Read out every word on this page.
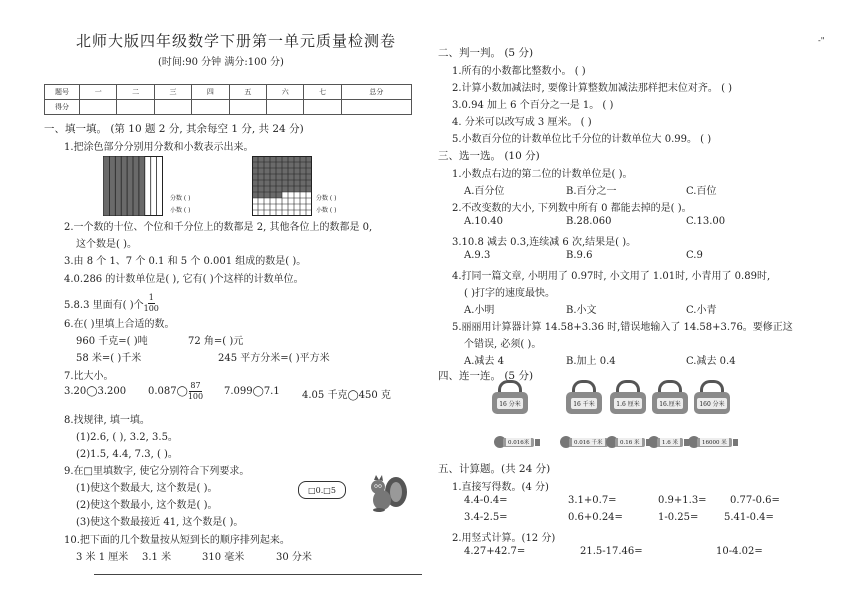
北师大版四年级数学下册第一单元质量检测卷
(时间:90 分钟 满分:100 分)
题号	一	二	三	四	五	六	七	总分
得分								
一、填一填。 (第 10 题 2 分, 其余每空 1 分, 共 24 分)
1.把涂色部分分别用分数和小数表示出来。
分数 ( )
小数 ( )
分数 ( )
小数 ( )
2.一个数的十位、个位和千分位上的数都是 2, 其他各位上的数都是 0,
这个数是( )。
3.由 8 个 1、7 个 0.1 和 5 个 0.001 组成的数是( )。
4.0.286 的计数单位是( ), 它有( )个这样的计数单位。
5.8.3 里面有( )个 $\frac{1}{100}$
6.在( )里填上合适的数。
960 千克=( )吨	72 角=( )元
58 米=( )千米	245 平方分米=( )平方米
7.比大小。
3.20◯3.200 0.087◯ $\frac{87}{100}$ 7.099◯7.1 4.05 千克◯450 克
8.找规律, 填一填。
(1)2.6, ( ), 3.2, 3.5。
(2)1.5, 4.4, 7.3, ( )。
9.在□里填数字, 使它分别符合下列要求。
(1)使这个数最大, 这个数是( )。
(2)使这个数最小, 这个数是( )。
(3)使这个数最接近 41, 这个数是( )。
□0.□5
10.把下面的几个数量按从短到长的顺序排列起来。
3 米 1 厘米 3.1 米	310 毫米	30 分米
-"
二、判一判。 (5 分)
1.所有的小数都比整数小。 ( )
2.计算小数加减法时, 要像计算整数加减法那样把末位对齐。 ( )
3.0.94 加上 6 个百分之一是 1。 ( )
4. 分米可以改写成 3 厘米。 ( )
5.小数百分位的计数单位比千分位的计数单位大 0.99。 ( )
三、选一选。 (10 分)
1.小数点右边的第二位的计数单位是( )。
A.百分位	B.百分之一	C.百位
2.不改变数的大小, 下列数中所有 0 都能去掉的是( )。
A.10.40	B.28.060	C.13.00
3.10.8 减去 0.3,连续减 6 次,结果是( )。
A.9.3	B.9.6	C.9
4.打同一篇文章, 小明用了 0.97时, 小文用了 1.01时, 小青用了 0.89时,
( )打字的速度最快。
A.小明	B.小文	C.小青
5.丽丽用计算器计算 14.58+3.36 时,错误地输入了 14.58+3.76。要修正这
个错误, 必须( )。
A.减去 4	B.加上 0.4	C.减去 0.4
四、连一连。 (5 分)
16 分米	16 千米	1.6 厘米	16.厘米	160 分米
0.016米	0.016 千米	0.16 米	1.6 米	16000 米
五、计算题。(共 24 分)
1.直接写得数。(4 分)
4.4-0.4=	3.1+0.7=	0.9+1.3= 0.77-0.6=
3.4-2.5=	0.6+0.24=	1-0.25=	5.41-0.4=
2.用竖式计算。(12 分)
4.27+42.7=	21.5-17.46=	10-4.02=
